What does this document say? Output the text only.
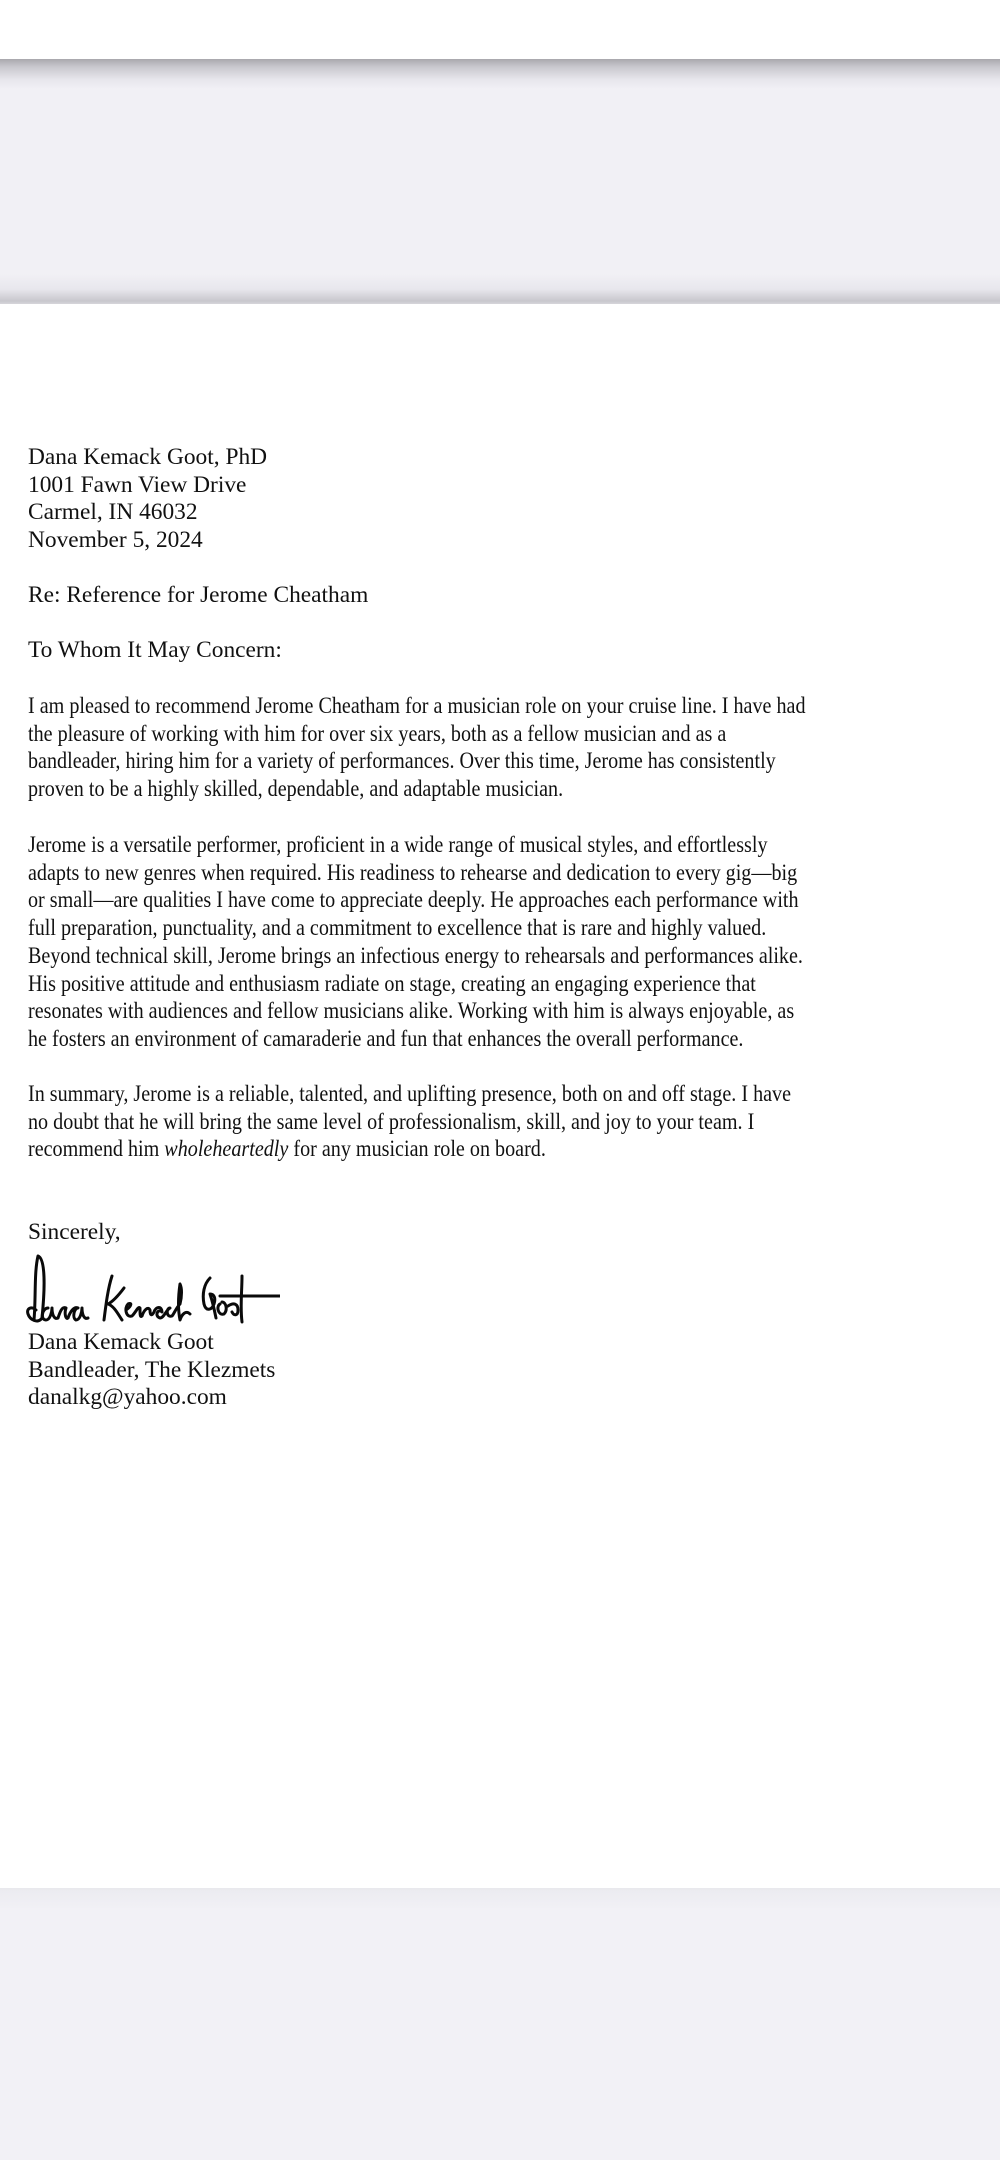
Dana Kemack Goot, PhD
1001 Fawn View Drive
Carmel, IN 46032
November 5, 2024
Re: Reference for Jerome Cheatham
To Whom It May Concern:
I am pleased to recommend Jerome Cheatham for a musician role on your cruise line. I have had
the pleasure of working with him for over six years, both as a fellow musician and as a
bandleader, hiring him for a variety of performances. Over this time, Jerome has consistently
proven to be a highly skilled, dependable, and adaptable musician.
Jerome is a versatile performer, proficient in a wide range of musical styles, and effortlessly
adapts to new genres when required. His readiness to rehearse and dedication to every gig—big
or small—are qualities I have come to appreciate deeply. He approaches each performance with
full preparation, punctuality, and a commitment to excellence that is rare and highly valued.
Beyond technical skill, Jerome brings an infectious energy to rehearsals and performances alike.
His positive attitude and enthusiasm radiate on stage, creating an engaging experience that
resonates with audiences and fellow musicians alike. Working with him is always enjoyable, as
he fosters an environment of camaraderie and fun that enhances the overall performance.
In summary, Jerome is a reliable, talented, and uplifting presence, both on and off stage. I have
no doubt that he will bring the same level of professionalism, skill, and joy to your team. I
recommend him wholeheartedly for any musician role on board.
Sincerely,
Dana Kemack Goot
Bandleader, The Klezmets
danalkg@yahoo.com
